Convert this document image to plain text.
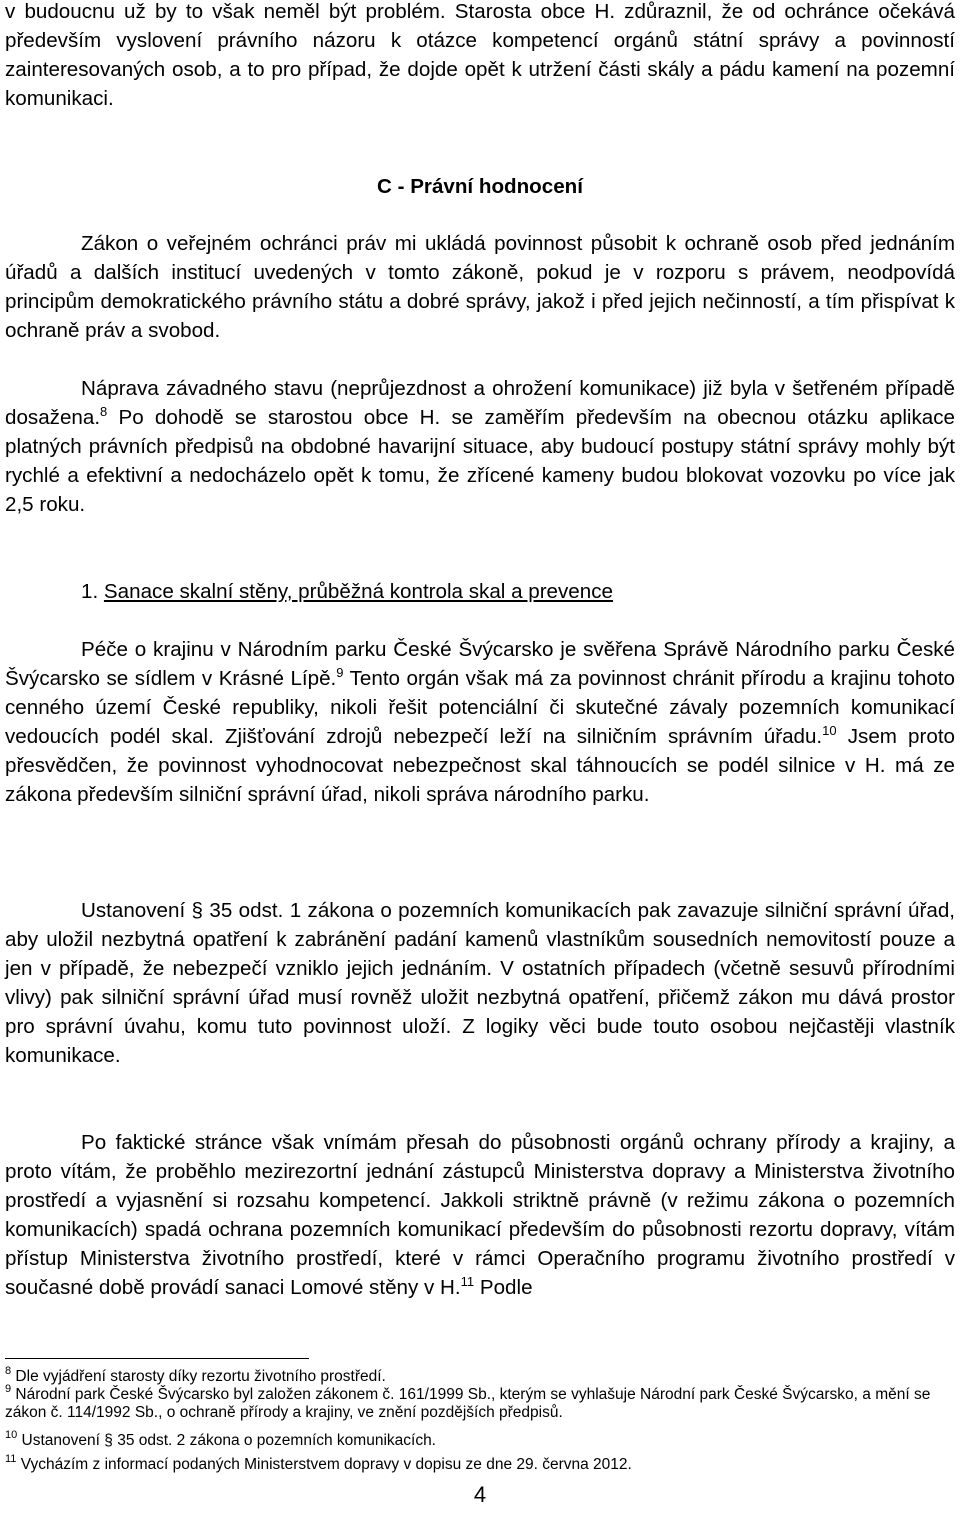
v budoucnu už by to však neměl být problém. Starosta obce H. zdůraznil, že od ochránce očekává především vyslovení právního názoru k otázce kompetencí orgánů státní správy a povinností zainteresovaných osob, a to pro případ, že dojde opět k utržení části skály a pádu kamení na pozemní komunikaci.

C - Právní hodnocení

Zákon o veřejném ochránci práv mi ukládá povinnost působit k ochraně osob před jednáním úřadů a dalších institucí uvedených v tomto zákoně, pokud je v rozporu s právem, neodpovídá principům demokratického právního státu a dobré správy, jakož i před jejich nečinností, a tím přispívat k ochraně práv a svobod.

Náprava závadného stavu (neprůjezdnost a ohrožení komunikace) již byla v šetřeném případě dosažena.$^8$ Po dohodě se starostou obce H. se zaměřím především na obecnou otázku aplikace platných právních předpisů na obdobné havarijní situace, aby budoucí postupy státní správy mohly být rychlé a efektivní a nedocházelo opět k tomu, že zřícené kameny budou blokovat vozovku po více jak 2,5 roku.

1. Sanace skalní stěny, průběžná kontrola skal a prevence

Péče o krajinu v Národním parku České Švýcarsko je svěřena Správě Národního parku České Švýcarsko se sídlem v Krásné Lípě.$^9$ Tento orgán však má za povinnost chránit přírodu a krajinu tohoto cenného území České republiky, nikoli řešit potenciální či skutečné závaly pozemních komunikací vedoucích podél skal. Zjišťování zdrojů nebezpečí leží na silničním správním úřadu.$^{10}$ Jsem proto přesvědčen, že povinnost vyhodnocovat nebezpečnost skal táhnoucích se podél silnice v H. má ze zákona především silniční správní úřad, nikoli správa národního parku.

Ustanovení § 35 odst. 1 zákona o pozemních komunikacích pak zavazuje silniční správní úřad, aby uložil nezbytná opatření k zabránění padání kamenů vlastníkům sousedních nemovitostí pouze a jen v případě, že nebezpečí vzniklo jejich jednáním. V ostatních případech (včetně sesuvů přírodními vlivy) pak silniční správní úřad musí rovněž uložit nezbytná opatření, přičemž zákon mu dává prostor pro správní úvahu, komu tuto povinnost uloží. Z logiky věci bude touto osobou nejčastěji vlastník komunikace.

Po faktické stránce však vnímám přesah do působnosti orgánů ochrany přírody a krajiny, a proto vítám, že proběhlo mezirezortní jednání zástupců Ministerstva dopravy a Ministerstva životního prostředí a vyjasnění si rozsahu kompetencí. Jakkoli striktně právně (v režimu zákona o pozemních komunikacích) spadá ochrana pozemních komunikací především do působnosti rezortu dopravy, vítám přístup Ministerstva životního prostředí, které v rámci Operačního programu životního prostředí v současné době provádí sanaci Lomové stěny v H.$^{11}$ Podle

$^8$ Dle vyjádření starosty díky rezortu životního prostředí.
$^9$ Národní park České Švýcarsko byl založen zákonem č. 161/1999 Sb., kterým se vyhlašuje Národní park České Švýcarsko, a mění se zákon č. 114/1992 Sb., o ochraně přírody a krajiny, ve znění pozdějších předpisů.
$^{10}$ Ustanovení § 35 odst. 2 zákona o pozemních komunikacích.
$^{11}$ Vycházím z informací podaných Ministerstvem dopravy v dopisu ze dne 29. června 2012.
4
